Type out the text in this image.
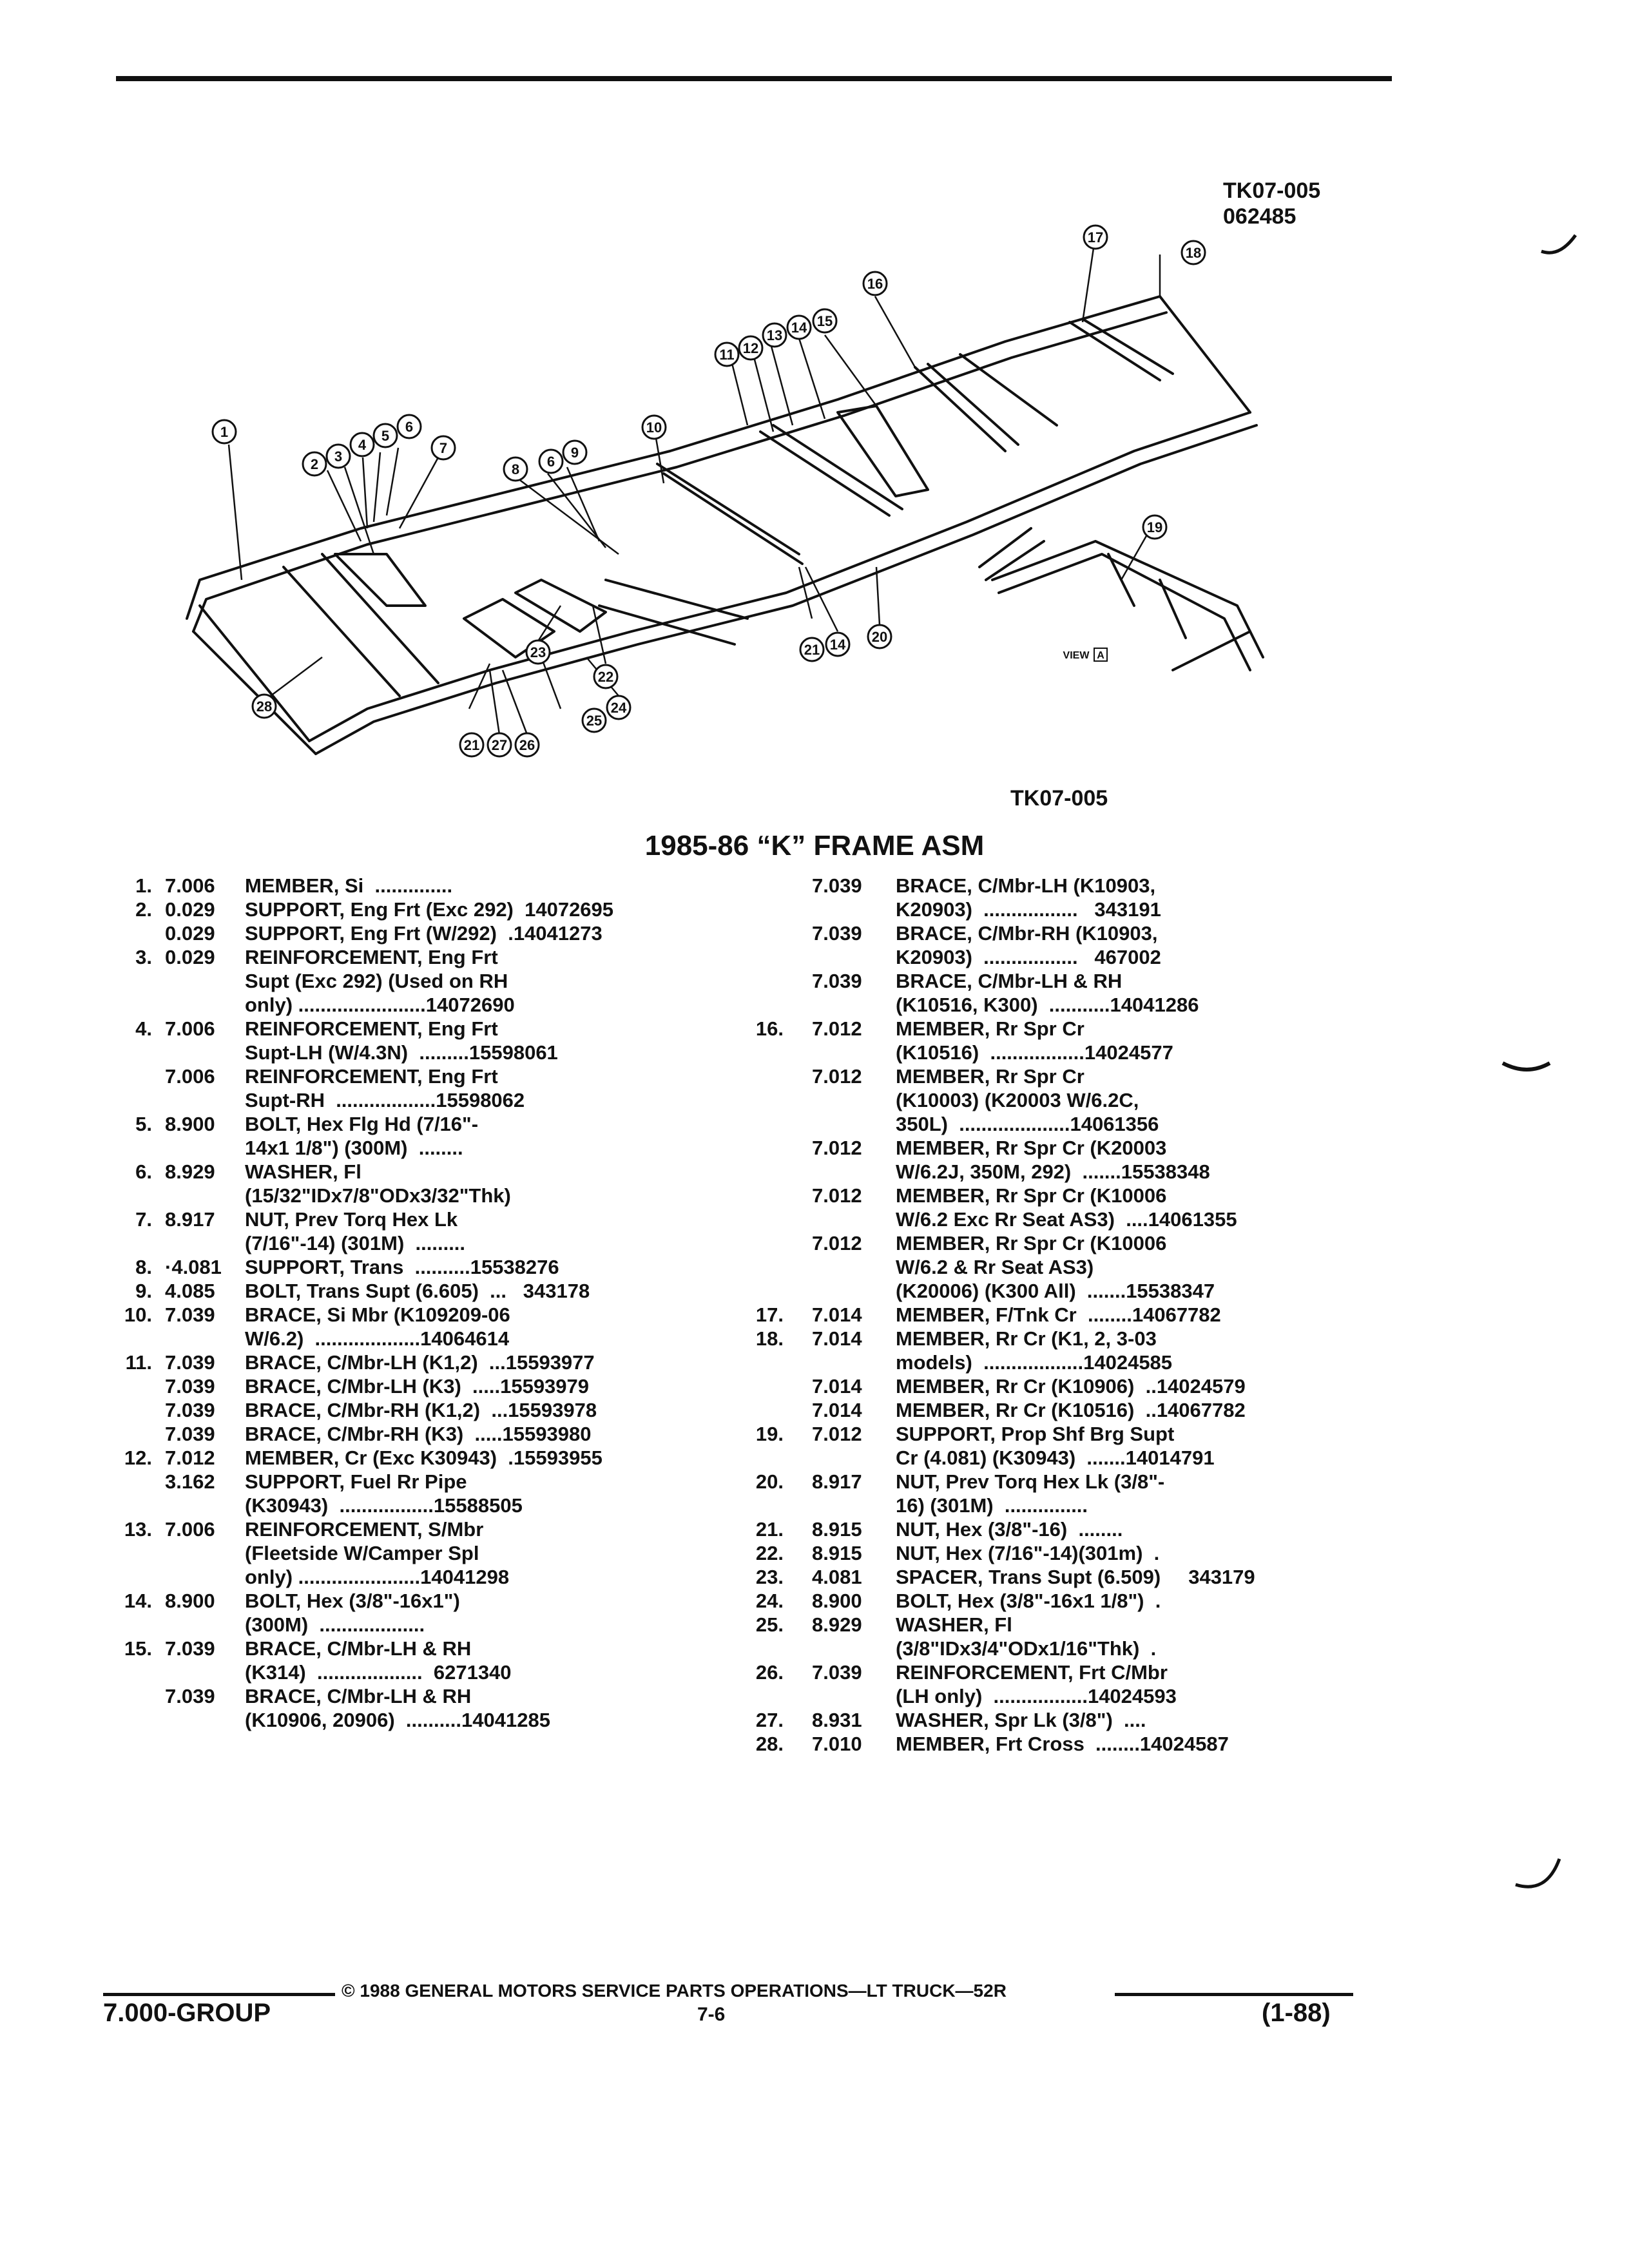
TK07-005
062485
1
2 3
4
5
6
7
8 6
9
10
11 12
13 14 15
16
17
18
19
20
21 14
22
23
24
25
21 27 26
28
VIEW A
TK07-005
1985-86 “K” FRAME ASM
1. 7.006	MEMBER, Si  ..............
2. 0.029	SUPPORT, Eng Frt (Exc 292)  14072695
0.029	SUPPORT, Eng Frt (W/292)  .14041273
3. 0.029	REINFORCEMENT, Eng Frt
Supt (Exc 292) (Used on RH
only) .......................14072690
4. 7.006	REINFORCEMENT, Eng Frt
Supt-LH (W/4.3N)  .........15598061
7.006	REINFORCEMENT, Eng Frt
Supt-RH  ..................15598062
5. 8.900	BOLT, Hex Flg Hd (7/16"-
14x1 1/8") (300M)  ........
6. 8.929	WASHER, Fl
(15/32"IDx7/8"ODx3/32"Thk)
7. 8.917	NUT, Prev Torq Hex Lk
(7/16"-14) (301M)  .........
8. ·4.081	SUPPORT, Trans  ..........15538276
9. 4.085	BOLT, Trans Supt (6.605)  ...   343178
10. 7.039	BRACE, Si Mbr (K109209-06
W/6.2)  ...................14064614
11. 7.039	BRACE, C/Mbr-LH (K1,2)  ...15593977
7.039	BRACE, C/Mbr-LH (K3)  .....15593979
7.039	BRACE, C/Mbr-RH (K1,2)  ...15593978
7.039	BRACE, C/Mbr-RH (K3)  .....15593980
12. 7.012	MEMBER, Cr (Exc K30943)  .15593955
3.162	SUPPORT, Fuel Rr Pipe
(K30943)  .................15588505
13. 7.006	REINFORCEMENT, S/Mbr
(Fleetside W/Camper Spl
only) ......................14041298
14. 8.900	BOLT, Hex (3/8"-16x1")
(300M)  ...................
15. 7.039	BRACE, C/Mbr-LH & RH
(K314)  ...................  6271340
7.039	BRACE, C/Mbr-LH & RH
(K10906, 20906)  ..........14041285
7.039	BRACE, C/Mbr-LH (K10903,
K20903)  .................   343191
7.039	BRACE, C/Mbr-RH (K10903,
K20903)  .................   467002
7.039	BRACE, C/Mbr-LH & RH
(K10516, K300)  ...........14041286
16.	7.012	MEMBER, Rr Spr Cr
(K10516)  .................14024577
7.012	MEMBER, Rr Spr Cr
(K10003) (K20003 W/6.2C,
350L)  ....................14061356
7.012	MEMBER, Rr Spr Cr (K20003
W/6.2J, 350M, 292)  .......15538348
7.012	MEMBER, Rr Spr Cr (K10006
W/6.2 Exc Rr Seat AS3)  ....14061355
7.012	MEMBER, Rr Spr Cr (K10006
W/6.2 & Rr Seat AS3)
(K20006) (K300 All)  .......15538347
17.	7.014	MEMBER, F/Tnk Cr  ........14067782
18.	7.014	MEMBER, Rr Cr (K1, 2, 3-03
models)  ..................14024585
7.014	MEMBER, Rr Cr (K10906)  ..14024579
7.014	MEMBER, Rr Cr (K10516)  ..14067782
19.	7.012	SUPPORT, Prop Shf Brg Supt
Cr (4.081) (K30943)  .......14014791
20.	8.917	NUT, Prev Torq Hex Lk (3/8"-
16) (301M)  ...............
21.	8.915	NUT, Hex (3/8"-16)  ........
22.	8.915	NUT, Hex (7/16"-14)(301m)  .
23.	4.081	SPACER, Trans Supt (6.509)     343179
24.	8.900	BOLT, Hex (3/8"-16x1 1/8")  .
25.	8.929	WASHER, Fl
(3/8"IDx3/4"ODx1/16"Thk)  .
26.	7.039	REINFORCEMENT, Frt C/Mbr
(LH only)  .................14024593
27.	8.931	WASHER, Spr Lk (3/8")  ....
28.	7.010	MEMBER, Frt Cross  ........14024587
© 1988 GENERAL MOTORS SERVICE PARTS OPERATIONS—LT TRUCK—52R
7.000-GROUP	7-6	(1-88)
